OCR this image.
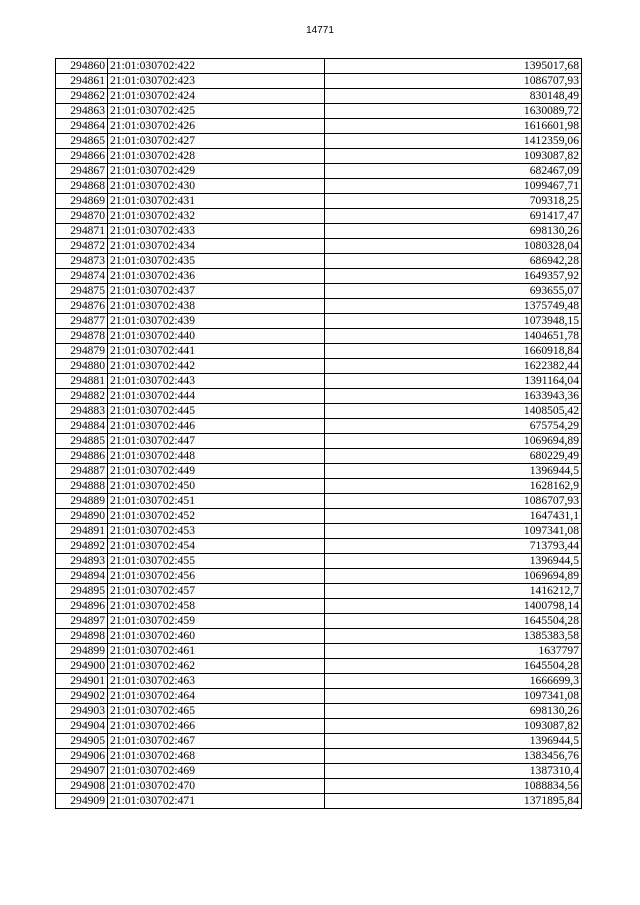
14771
294860	21:01:030702:422	1395017,68
294861	21:01:030702:423	1086707,93
294862	21:01:030702:424	830148,49
294863	21:01:030702:425	1630089,72
294864	21:01:030702:426	1616601,98
294865	21:01:030702:427	1412359,06
294866	21:01:030702:428	1093087,82
294867	21:01:030702:429	682467,09
294868	21:01:030702:430	1099467,71
294869	21:01:030702:431	709318,25
294870	21:01:030702:432	691417,47
294871	21:01:030702:433	698130,26
294872	21:01:030702:434	1080328,04
294873	21:01:030702:435	686942,28
294874	21:01:030702:436	1649357,92
294875	21:01:030702:437	693655,07
294876	21:01:030702:438	1375749,48
294877	21:01:030702:439	1073948,15
294878	21:01:030702:440	1404651,78
294879	21:01:030702:441	1660918,84
294880	21:01:030702:442	1622382,44
294881	21:01:030702:443	1391164,04
294882	21:01:030702:444	1633943,36
294883	21:01:030702:445	1408505,42
294884	21:01:030702:446	675754,29
294885	21:01:030702:447	1069694,89
294886	21:01:030702:448	680229,49
294887	21:01:030702:449	1396944,5
294888	21:01:030702:450	1628162,9
294889	21:01:030702:451	1086707,93
294890	21:01:030702:452	1647431,1
294891	21:01:030702:453	1097341,08
294892	21:01:030702:454	713793,44
294893	21:01:030702:455	1396944,5
294894	21:01:030702:456	1069694,89
294895	21:01:030702:457	1416212,7
294896	21:01:030702:458	1400798,14
294897	21:01:030702:459	1645504,28
294898	21:01:030702:460	1385383,58
294899	21:01:030702:461	1637797
294900	21:01:030702:462	1645504,28
294901	21:01:030702:463	1666699,3
294902	21:01:030702:464	1097341,08
294903	21:01:030702:465	698130,26
294904	21:01:030702:466	1093087,82
294905	21:01:030702:467	1396944,5
294906	21:01:030702:468	1383456,76
294907	21:01:030702:469	1387310,4
294908	21:01:030702:470	1088834,56
294909	21:01:030702:471	1371895,84
